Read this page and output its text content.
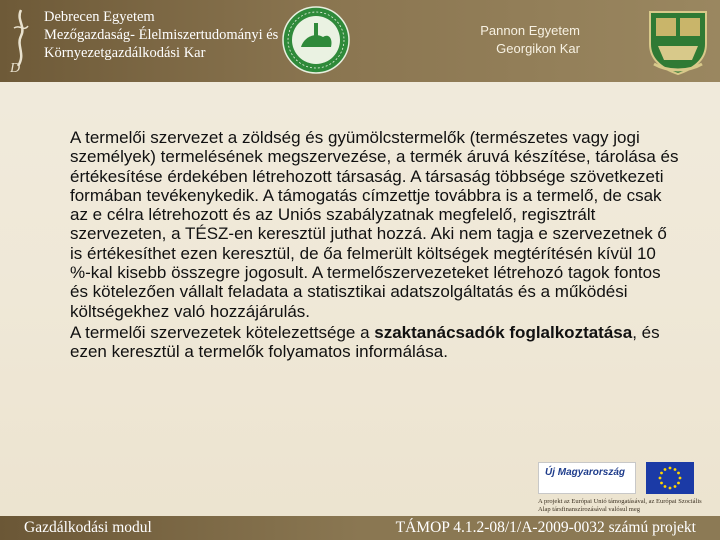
D
Debrecen Egyetem
Mezőgazdaság- Élelmiszertudományi és
Környezetgazdálkodási Kar
Pannon Egyetem
Georgikon Kar

A termelői szervezet a zöldség és gyümölcstermelők (természetes vagy jogi személyek) termelésének megszervezése, a termék áruvá készítése, tárolása és értékesítése érdekében létrehozott társaság. A társaság többsége szövetkezeti formában tevékenykedik. A támogatás címzettje továbbra is a termelő, de csak az e célra létrehozott és az Uniós szabályzatnak megfelelő, regisztrált szervezeten, a TÉSZ-en keresztül juthat hozzá. Aki nem tagja e szervezetnek ő is értékesíthet ezen keresztül, de őa felmerült költségek megtérítésén kívül 10 %-kal kisebb összegre jogosult. A termelőszervezeteket létrehozó tagok fontos és kötelezően vállalt feladata a statisztikai adatszolgáltatás és a működési költségekhez való hozzájárulás.

A termelői szervezetek kötelezettsége a szaktanácsadók foglalkoztatása, és ezen keresztül a termelők folyamatos informálása.

Új Magyarország
A projekt az Európai Unió támogatásával, az Európai Szociális Alap társfinanszírozásával valósul meg
Gazdálkodási modul	TÁMOP 4.1.2-08/1/A-2009-0032 számú projekt
